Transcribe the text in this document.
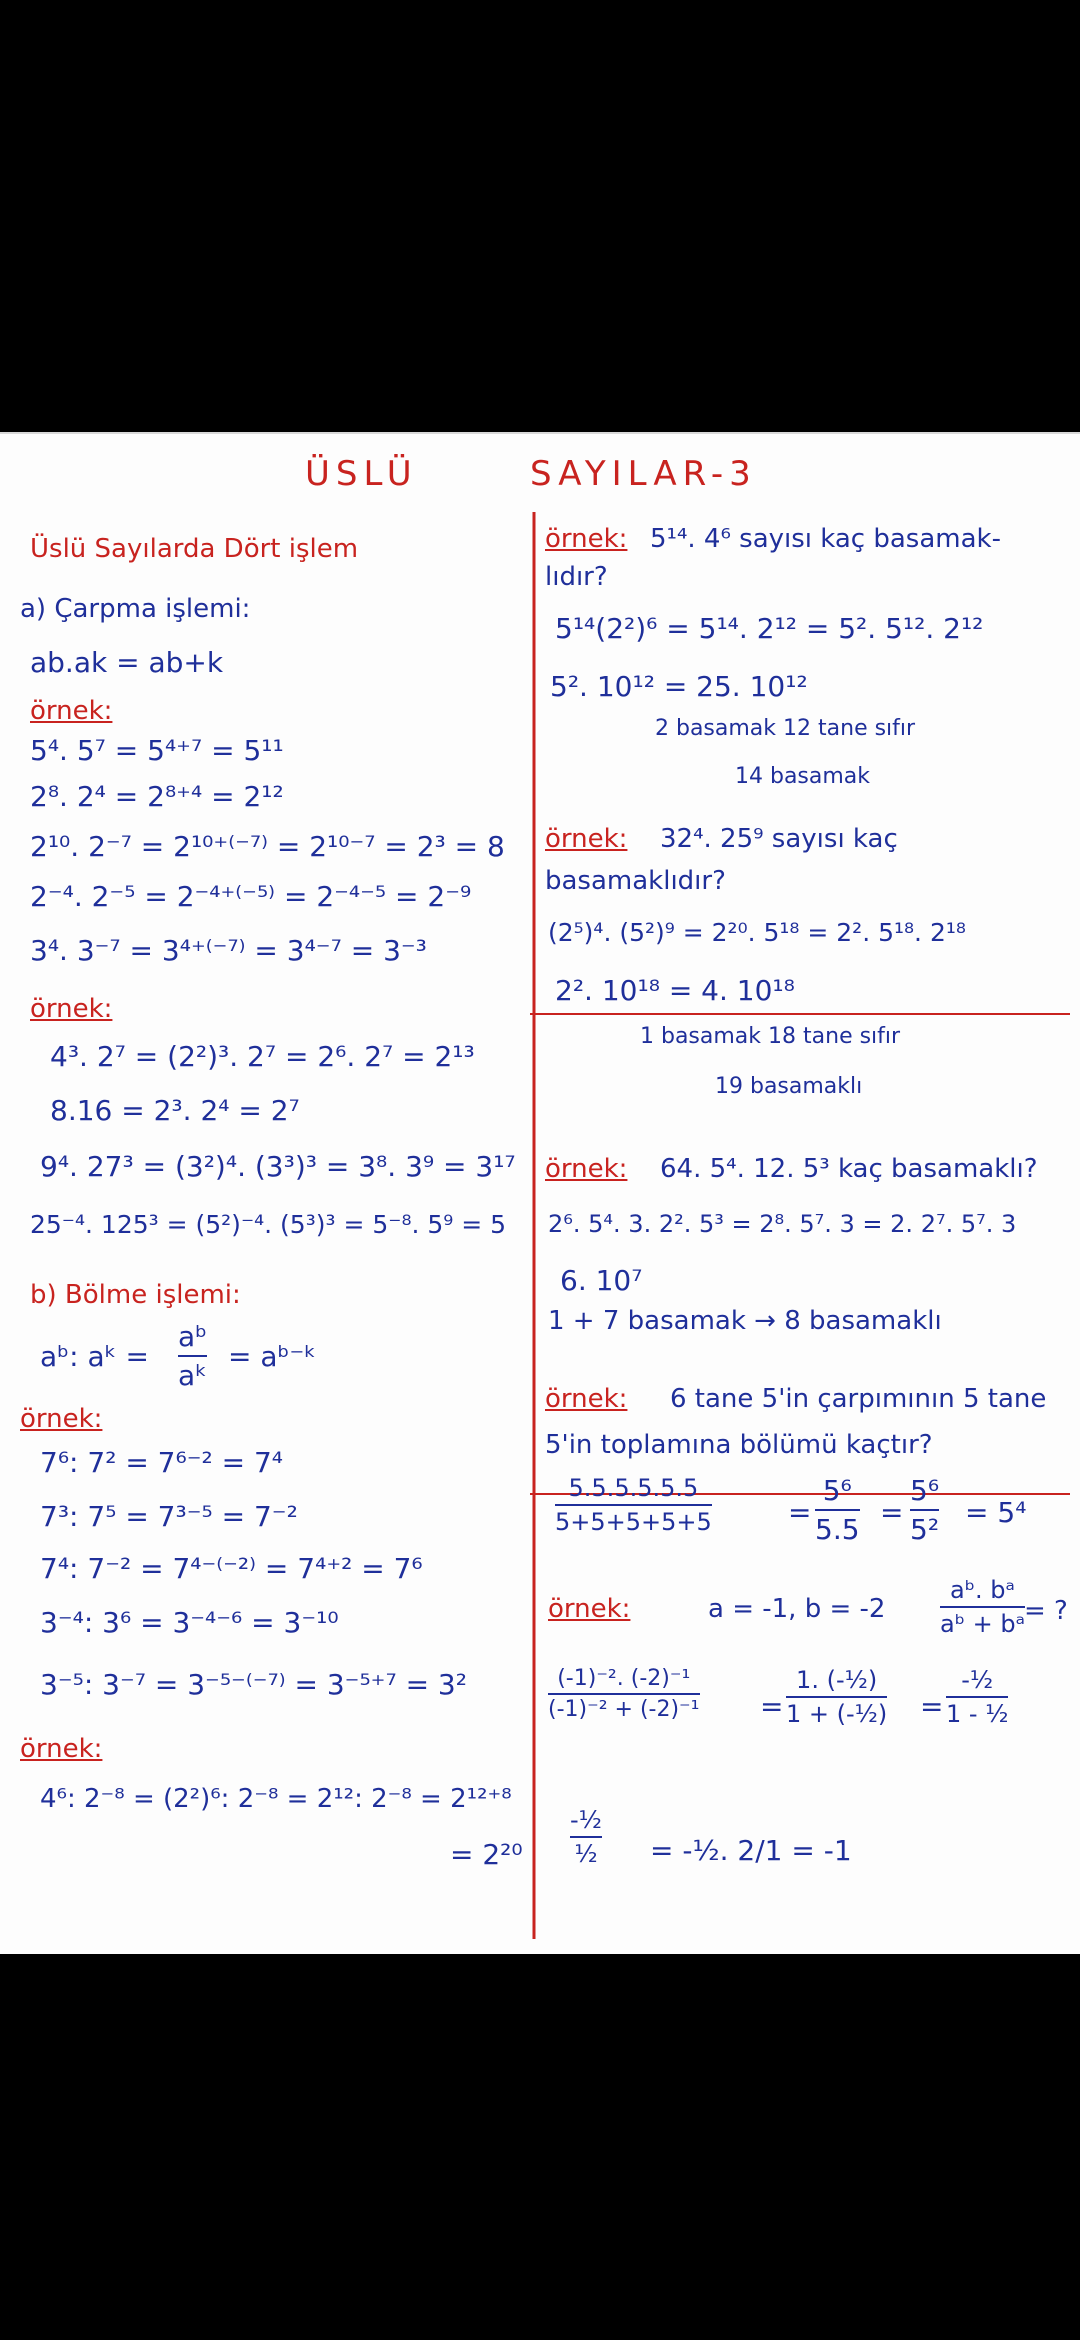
ÜSLÜ	SAYILAR-3
Üslü Sayılarda Dört işlem
a) Çarpma işlemi:
ab.ak = ab+k
örnek:
5⁴. 5⁷ = 5⁴⁺⁷ = 5¹¹
2⁸. 2⁴ = 2⁸⁺⁴ = 2¹²
2¹⁰. 2⁻⁷ = 2¹⁰⁺⁽⁻⁷⁾ = 2¹⁰⁻⁷ = 2³ = 8
2⁻⁴. 2⁻⁵ = 2⁻⁴⁺⁽⁻⁵⁾ = 2⁻⁴⁻⁵ = 2⁻⁹
3⁴. 3⁻⁷ = 3⁴⁺⁽⁻⁷⁾ = 3⁴⁻⁷ = 3⁻³
örnek:
4³. 2⁷ = (2²)³. 2⁷ = 2⁶. 2⁷ = 2¹³
8.16 = 2³. 2⁴ = 2⁷
9⁴. 27³ = (3²)⁴. (3³)³ = 3⁸. 3⁹ = 3¹⁷
25⁻⁴. 125³ = (5²)⁻⁴. (5³)³ = 5⁻⁸. 5⁹ = 5
b) Bölme işlemi:
aᵇ: aᵏ =
aᵇ
aᵏ
= aᵇ⁻ᵏ
örnek:
7⁶: 7² = 7⁶⁻² = 7⁴
7³: 7⁵ = 7³⁻⁵ = 7⁻²
7⁴: 7⁻² = 7⁴⁻⁽⁻²⁾ = 7⁴⁺² = 7⁶
3⁻⁴: 3⁶ = 3⁻⁴⁻⁶ = 3⁻¹⁰
3⁻⁵: 3⁻⁷ = 3⁻⁵⁻⁽⁻⁷⁾ = 3⁻⁵⁺⁷ = 3²
örnek:
4⁶: 2⁻⁸ = (2²)⁶: 2⁻⁸ = 2¹²: 2⁻⁸ = 2¹²⁺⁸
= 2²⁰
örnek: 5¹⁴. 4⁶ sayısı kaç basamak-
lıdır?
5¹⁴(2²)⁶ = 5¹⁴. 2¹² = 5². 5¹². 2¹²
5². 10¹² = 25. 10¹²
2 basamak 12 tane sıfır
14 basamak
örnek: 32⁴. 25⁹ sayısı kaç
basamaklıdır?
(2⁵)⁴. (5²)⁹ = 2²⁰. 5¹⁸ = 2². 5¹⁸. 2¹⁸
2². 10¹⁸ = 4. 10¹⁸
1 basamak 18 tane sıfır
19 basamaklı
örnek: 64. 5⁴. 12. 5³ kaç basamaklı?
2⁶. 5⁴. 3. 2². 5³ = 2⁸. 5⁷. 3 = 2. 2⁷. 5⁷. 3
6. 10⁷
1 + 7 basamak → 8 basamaklı
örnek: 6 tane 5'in çarpımının 5 tane
5'in toplamına bölümü kaçtır?
5.5.5.5.5.5
5+5+5+5+5	=
5⁶
5.5
=
5⁶
5²
= 5⁴
örnek:	a = -1, b = -2
aᵇ. bᵃ
aᵇ + bᵃ = ?
(-1)⁻². (-2)⁻¹
(-1)⁻² + (-2)⁻¹ =
1. (-½)
1 + (-½) =
-½
1 - ½
-½
½ = -½. 2/1 = -1
